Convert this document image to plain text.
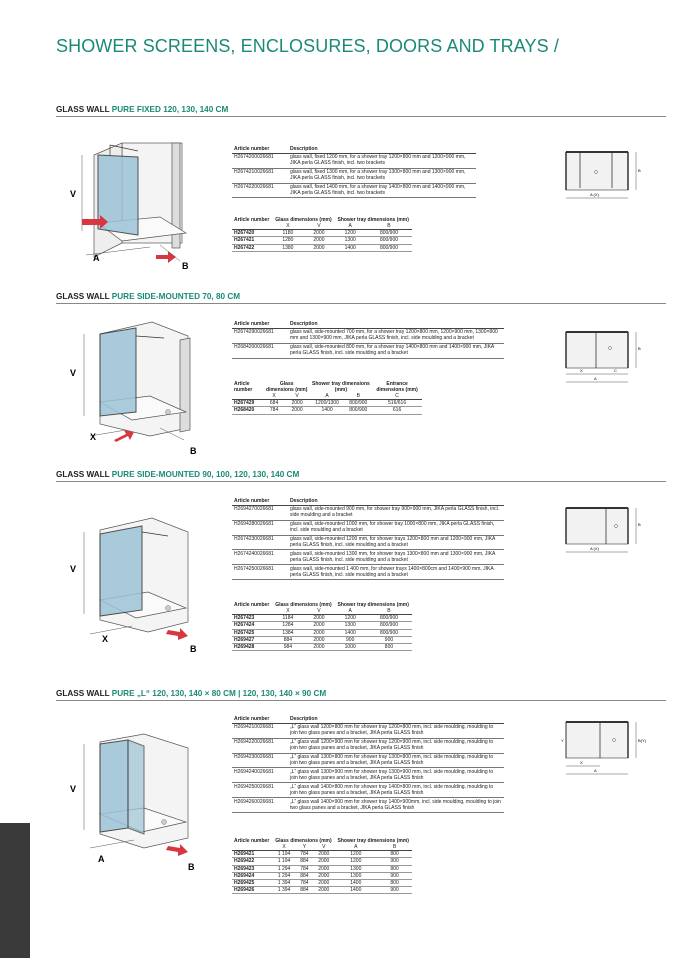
SHOWER SCREENS, ENCLOSURES, DOORS AND TRAYS /
GLASS WALL PURE FIXED 120, 130, 140 CM
V
A
B
Article number	Description
H2674200026681	glass wall, fixed 1200 mm, for a shower tray 1200×800 mm and 1200×900 mm, JIKA perla GLASS finish, incl. two brackets
H2674210026681	glass wall, fixed 1300 mm, for a shower tray 1300×800 mm and 1300×900 mm, JIKA perla GLASS finish, incl. two brackets
H2674220026681	glass wall, fixed 1400 mm, for a shower tray 1400×800 mm and 1400×900 mm, JIKA perla GLASS finish, incl. two brackets
Article number	Glass dimensions (mm)		Shower tray dimensions (mm)	
	X	V	A	B
H267420	1180	2000	1200	800/900
H267421	1280	2000	1300	800/900
H267422	1380	2000	1400	800/900
A (X)
B
GLASS WALL PURE SIDE-MOUNTED 70, 80 CM
V
X
B
Article number	Description
H2674290026681	glass wall, side-mounted 700 mm, for a shower tray 1200×800 mm, 1200×900 mm, 1300×800 mm and 1300×900 mm, JIKA perla GLASS finish, incl. side moulding and a bracket
H2684200026681	glass wall, side-mounted 800 mm, for a shower tray 1400×800 mm and 1400×900 mm, JIKA perla GLASS finish, incl. side moulding and a bracket
Article number	Glass dimensions (mm)		Shower tray dimensions (mm)		Entrance dimensions (mm)
	X	V	A	B	C
H267429	684	2000	1200/1300	800/900	516/616
H268420	784	2000	1400	800/900	616
X	C
A
B
GLASS WALL PURE SIDE-MOUNTED 90, 100, 120, 130, 140 CM
V
X
B
Article number	Description
H2694270026681	glass wall, side-mounted 900 mm, for shower tray 900×900 mm, JIKA perla GLASS finish, incl. side moulding and a bracket
H2694280026681	glass wall, side-mounted 1000 mm, for shower tray 1000×800 mm, JIKA perla GLASS finish, incl. side moulding and a bracket
H2674230026681	glass wall, side-mounted 1200 mm, for shower trays 1200×800 mm and 1200×900 mm, JIKA perla GLASS finish, incl. side moulding and a bracket
H2674240026681	glass wall, side-mounted 1300 mm, for shower trays 1300×800 mm and 1300×900 mm, JIKA perla GLASS finish, incl. side moulding and a bracket
H2674250026681	glass wall, side-mounted 1 400 mm, for shower trays 1400×800cm and 1400×900 mm, JIKA perla GLASS finish, incl. side moulding and a bracket
Article number	Glass dimensions (mm)		Shower tray dimensions (mm)	
	X	V	A	B
H267423	1184	2000	1200	800/900
H267424	1284	2000	1300	800/900
H267425	1384	2000	1400	800/900
H269427	884	2000	900	900
H269428	984	2000	1000	800
A (X)
B
GLASS WALL PURE „L“ 120, 130, 140 × 80 CM | 120, 130, 140 × 90 CM
V
A
B
Article number	Description
H2694210026681	„L“ glass wall 1200×800 mm for shower tray 1200×800 mm, incl. side moulding, moulding to join two glass panes and a bracket, JIKA perla GLASS finish
H2694220026681	„L“ glass wall 1200×900 mm for shower tray 1200×900 mm, incl. side moulding, moulding to join two glass panes and a bracket, JIKA perla GLASS finish
H2694230026681	„L“ glass wall 1300×800 mm for shower tray 1300×800 mm, incl. side moulding, moulding to join two glass panes and a bracket, JIKA perla GLASS finish
H2694240026681	„L“ glass wall 1300×900 mm for shower tray 1300×900 mm, incl. side moulding, moulding to join two glass panes and a bracket, JIKA perla GLASS finish
H2694250026681	„L“ glass wall 1400×800 mm for shower tray 1400×800 mm, incl. side moulding, moulding to join two glass panes and a bracket, JIKA perla GLASS finish
H2694260026681	„L“ glass wall 1400×900 mm for shower tray 1400×900mm, incl. side moulding, moulding to join two glass panes and a bracket, JIKA perla GLASS finish
Article number	Glass dimensions (mm)			Shower tray dimensions (mm)	
	X	Y	V	A	B
H269421	1 194	784	2000	1200	800
H269422	1 194	884	2000	1200	900
H269423	1 294	784	2000	1300	800
H269424	1 294	884	2000	1300	900
H269425	1 394	784	2000	1400	800
H269426	1 394	884	2000	1400	900
Y
X
A
B(Y)
